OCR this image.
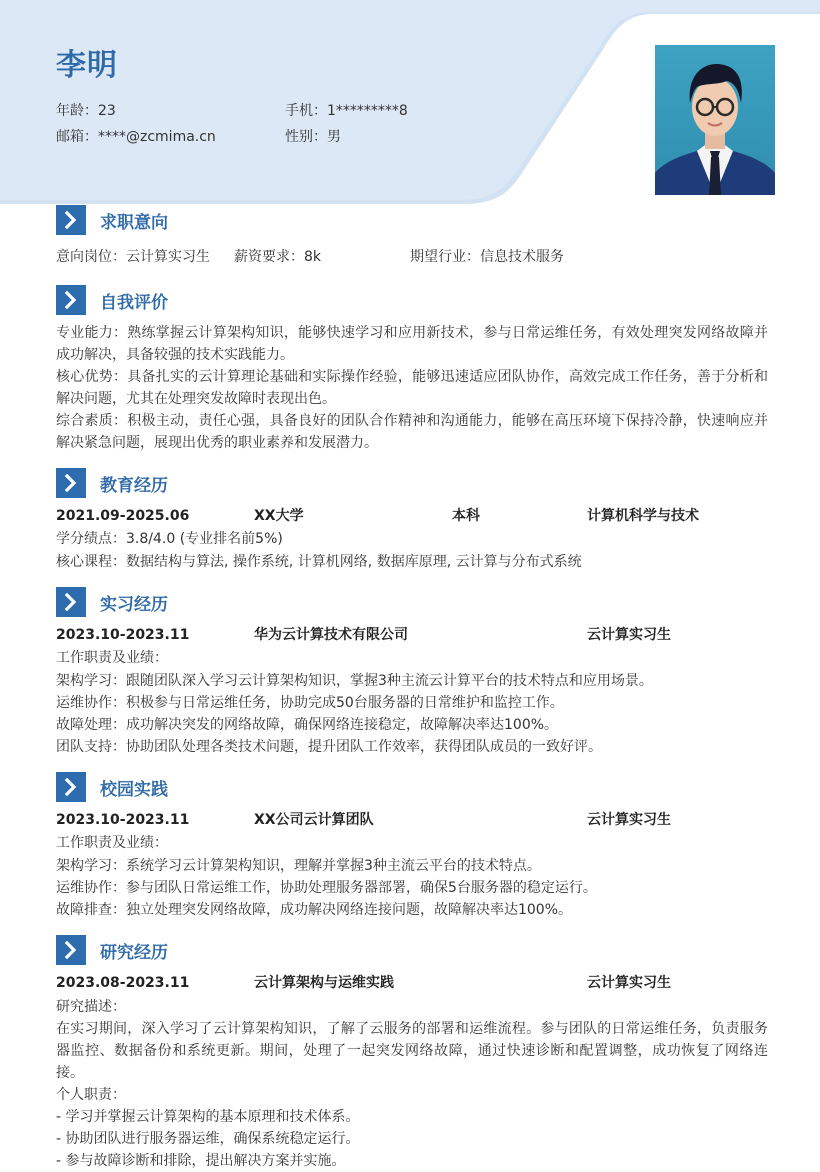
李明
年龄：23	手机：1*********8
邮箱：****@zcmima.cn	性别：男
求职意向
意向岗位：云计算实习生 薪资要求：8k	期望行业：信息技术服务
自我评价
专业能力：熟练掌握云计算架构知识，能够快速学习和应用新技术，参与日常运维任务，有效处理突发网络故障并成功解决，具备较强的技术实践能力。
核心优势：具备扎实的云计算理论基础和实际操作经验，能够迅速适应团队协作，高效完成工作任务，善于分析和解决问题，尤其在处理突发故障时表现出色。
综合素质：积极主动，责任心强，具备良好的团队合作精神和沟通能力，能够在高压环境下保持冷静，快速响应并解决紧急问题，展现出优秀的职业素养和发展潜力。
教育经历
2021.09-2025.06	XX大学	本科	计算机科学与技术
学分绩点：3.8/4.0 (专业排名前5%)
核心课程：数据结构与算法, 操作系统, 计算机网络, 数据库原理, 云计算与分布式系统
实习经历
2023.10-2023.11	华为云计算技术有限公司	云计算实习生
工作职责及业绩：
架构学习：跟随团队深入学习云计算架构知识，掌握3种主流云计算平台的技术特点和应用场景。
运维协作：积极参与日常运维任务，协助完成50台服务器的日常维护和监控工作。
故障处理：成功解决突发的网络故障，确保网络连接稳定，故障解决率达100%。
团队支持：协助团队处理各类技术问题，提升团队工作效率，获得团队成员的一致好评。
校园实践
2023.10-2023.11	XX公司云计算团队	云计算实习生
工作职责及业绩：
架构学习：系统学习云计算架构知识，理解并掌握3种主流云平台的技术特点。
运维协作：参与团队日常运维工作，协助处理服务器部署，确保5台服务器的稳定运行。
故障排查：独立处理突发网络故障，成功解决网络连接问题，故障解决率达100%。
研究经历
2023.08-2023.11	云计算架构与运维实践	云计算实习生
研究描述：
在实习期间，深入学习了云计算架构知识，了解了云服务的部署和运维流程。参与团队的日常运维任务，负责服务器监控、数据备份和系统更新。期间，处理了一起突发网络故障，通过快速诊断和配置调整，成功恢复了网络连接。
个人职责：
- 学习并掌握云计算架构的基本原理和技术体系。
- 协助团队进行服务器运维，确保系统稳定运行。
- 参与故障诊断和排除，提出解决方案并实施。
